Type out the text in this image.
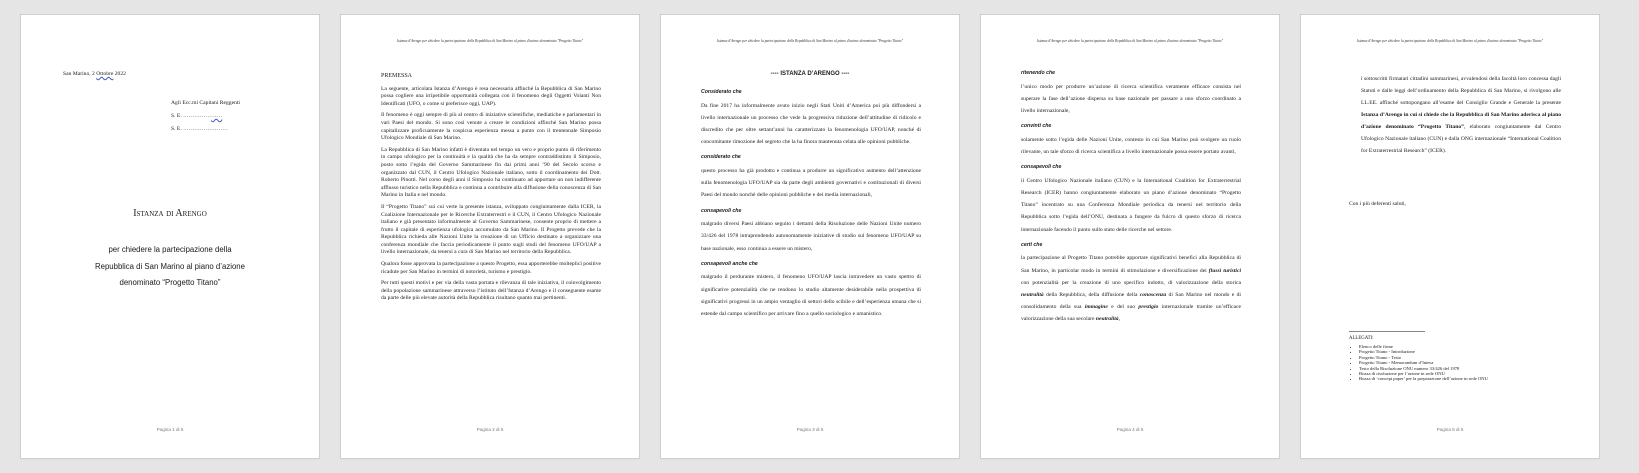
San Marino, 2 Ottobre 2022
Agli Ecc.mi Capitani Reggenti
S. E. …………………
S. E. ……………………
Istanza di Arengo
per chiedere la partecipazione della
Repubblica di San Marino al piano d’azione
denominato “Progetto Titano”
Pagina 1 di 5
Istanza d'Arengo per chiedere la partecipazione della Repubblica di San Marino al piano d'azione denominato "Progetto Titano"

PREMESSA

La seguente, articolata Istanza d’Arengo è resa necessaria affinché la Repubblica di San Marino possa cogliere una irripetibile opportunità collegata con il fenomeno degli Oggetti Volanti Non Identificati (UFO, o come si preferisce oggi, UAP).

Il fenomeno è oggi sempre di più al centro di iniziative scientifiche, mediatiche e parlamentari in vari Paesi del mondo. Si sono così venute a creare le condizioni affinché San Marino possa capitalizzare proficuamente la cospicua esperienza messa a punto con il trentennale Simposio Ufologico Mondiale di San Marino.

La Repubblica di San Marino infatti è diventata nel tempo un vero e proprio punto di riferimento in campo ufologico per la continuità e la qualità che ha da sempre contraddistinto il Simposio, posto sotto l’egida del Governo Sammarinese fin dai primi anni ’90 del Secolo scorso e organizzato dal CUN, il Centro Ufologico Nazionale italiano, sotto il coordinamento dei Dott. Roberto Pinotti. Nel corso degli anni il Simposio ha continuato ad apportare un non indifferente afflusso turistico nella Repubblica e continua a contribuire alla diffusione della conoscenza di San Marino in Italia e nel mondo.

Il “Progetto Titano” sui cui verte la presente istanza, sviluppato congiuntamente dalla ICER, la Coalizione Internazionale per le Ricerche Extraterrestri e il CUN, il Centro Ufologico Nazionale italiano e già presentato informalmente al Governo Sammarinese, consente proprio di mettere a frutto il capitale di esperienza ufologica accumulato da San Marino. Il Progetto prevede che la Repubblica richieda alle Nazioni Unite la creazione di un Ufficio destinato a organizzare una conferenza mondiale che faccia periodicamente il punto sugli studi del fenomeno UFO/UAP a livello internazionale, da tenersi a cura di San Marino nel territorio della Repubblica.

Qualora fosse approvata la partecipazione a questo Progetto, essa apporterebbe molteplici positive ricadute per San Marino in termini di notorietà, turismo e prestigio.

Per tutti questi motivi e per via della vasta portata e rilevanza di tale iniziativa, il coinvolgimento della popolazione sammarinese attraverso l’istituto dell’Istanza d’Arengo e il conseguente esame da parte delle più elevate autorità della Repubblica risultano quanto mai pertinenti.

Pagina 2 di 5
Istanza d'Arengo per chiedere la partecipazione della Repubblica di San Marino al piano d'azione denominato "Progetto Titano"
---- ISTANZA D’ARENGO ----
Considerato che

Da fine 2017 ha informalmente avuto inizio negli Stati Uniti d’America poi più diffondersi a livello internazionale un processo che vede la progressiva riduzione dell’attitudine di ridicolo e discredito che per oltre settant’anni ha caratterizzato la fenomenologia UFO/UAP, nonché di concomitante rimozione del segreto che la ha finora mantenuta celata alle opinioni pubbliche.

considerato che

questo processo ha già prodotto e continua a produrre un significativo aumento dell’attenzione sulla fenomenologia UFO/UAP sia da parte degli ambienti governativi e costituzionali di diversi Paesi del mondo nonché delle opinioni pubbliche e dei media internazionali,

consapevoli che

malgrado diversi Paesi abbiano seguito i dettami della Risoluzione delle Nazioni Unite numero 33/426 del 1978 intraprendendo autonomamente iniziative di studio sul fenomeno UFO/UAP su base nazionale, esso continua a essere un mistero,

consapevoli anche che

malgrado il perdurante mistero, il fenomeno UFO/UAP lascia intravedere un vasto spettro di significative potenzialità che ne rendono lo studio altamente desiderabile nella prospettiva di significativi progressi in un ampio ventaglio di settori dello scibile e dell’esperienza umana che si estende dal campo scientifico per arrivare fino a quello sociologico e umanistico.

Pagina 3 di 5
Istanza d'Arengo per chiedere la partecipazione della Repubblica di San Marino al piano d'azione denominato "Progetto Titano"
ritenendo che

l’unico modo per produrre un’azione di ricerca scientifica veramente efficace consista nel superare la fase dell’azione dispersa su base nazionale per passare a uno sforzo coordinato a livello internazionale,

convinti che

solamente sotto l’egida delle Nazioni Unite, contesto in cui San Marino può svolgere un ruolo rilevante, un tale sforzo di ricerca scientifica a livello internazionale possa essere portato avanti,

consapevoli che

il Centro Ufologico Nazionale italiano (CUN) e la International Coalition for Extraterrestrial Research (ICER) hanno congiuntamente elaborato un piano d’azione denominato “Progetto Titano” incentrato su una Conferenza Mondiale periodica da tenersi nel territorio della Repubblica sotto l’egida dell’ONU, destinata a fungere da fulcro di questo sforzo di ricerca internazionale facendo il punto sullo stato delle ricerche nel settore.

certi che

la partecipazione al Progetto Titano potrebbe apportare significativi benefici alla Repubblica di San Marino, in particolar modo in termini di stimolazione e diversificazione dei flussi turistici con potenzialità per la creazione di uno specifico indotto, di valorizzazione della storica neutralità della Repubblica, della diffusione della conoscenza di San Marino nel mondo e di consolidamento della sua immagine e del suo prestigio internazionale tramite un’efficace valorizzazione della sua secolare neutralità,

Pagina 4 di 5
Istanza d'Arengo per chiedere la partecipazione della Repubblica di San Marino al piano d'azione denominato "Progetto Titano"

i sottoscritti firmatari cittadini sammarinesi, avvalendosi della facoltà loro concessa dagli Statuti e dalle leggi dell’ordinamento della Repubblica di San Marino, si rivolgono alle LL.EE. affinché sottopongano all’esame del Consiglio Grande e Generale la presente Istanza d’Arengo in cui si chiede che la Repubblica di San Marino aderisca al piano d’azione denominato “Progetto Titano”, elaborato congiuntamente dal Centro Ufologico Nazionale italiano (CUN) e dalla ONG internazionale “International Coalition for Extraterrestrial Research” (ICER).

Con i più deferenti saluti,
ALLEGATI:
• Elenco delle firme
• Progetto Titano - Introduzione
• Progetto Titano - Testo
• Progetto Titano - Memorandum d’Intesa
• Testo della Risoluzione ONU numero 33/426 del 1978
• Bozza di risoluzione per l’azione in sede ONU
• Bozza di ‘concept paper’ per la preparazione dell’azione in sede ONU
Pagina 5 di 5
